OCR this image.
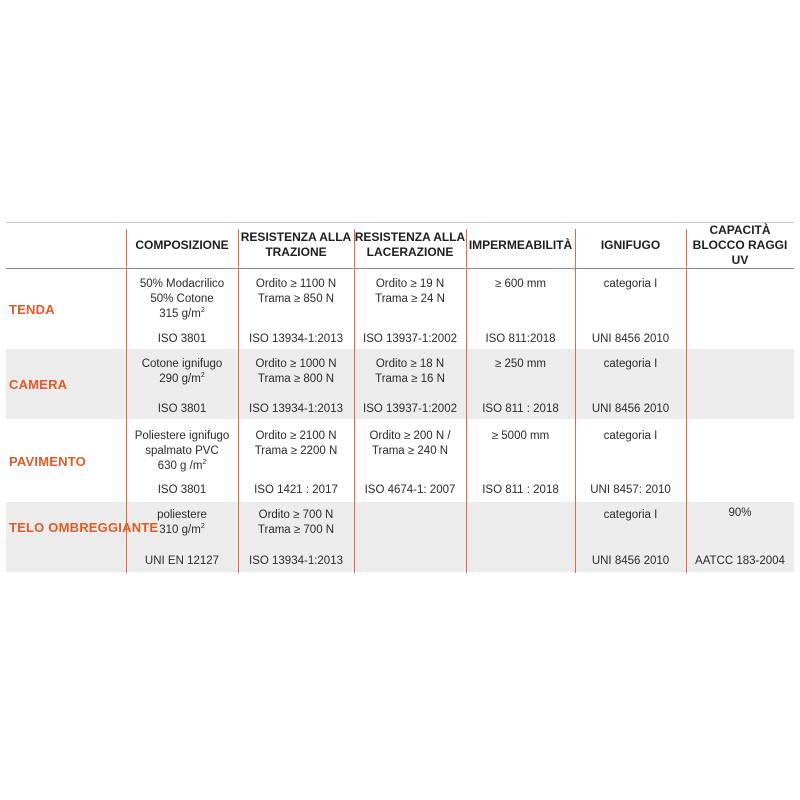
COMPOSIZIONE
RESISTENZA ALLA
TRAZIONE
RESISTENZA ALLA
LACERAZIONE
IMPERMEABILITÀ IGNIFUGO
CAPACITÀ
BLOCCO RAGGI UV
TENDA
50% Modacrilico
50% Cotone
315 $g/m^2$
ISO 3801
Ordito ≥ 1100 N
Trama ≥ 850 N
ISO 13934-1:2013
Ordito ≥ 19 N
Trama ≥ 24 N
ISO 13937-1:2002
≥ 600 mm
ISO 811:2018
categoria I
UNI 8456 2010
CAMERA
Cotone ignifugo
290 $g/m^2$
ISO 3801
Ordito ≥ 1000 N
Trama ≥ 800 N
ISO 13934-1:2013
Ordito ≥ 18 N
Trama ≥ 16 N
ISO 13937-1:2002
≥ 250 mm
ISO 811 : 2018
categoria I
UNI 8456 2010
PAVIMENTO
Poliestere ignifugo
spalmato PVC
630 g $/m^2$
ISO 3801
Ordito ≥ 2100 N
Trama ≥ 2200 N
ISO 1421 : 2017
Ordito ≥ 200 N /
Trama ≥ 240 N
ISO 4674-1: 2007
≥ 5000 mm
ISO 811 : 2018
categoria I
UNI 8457: 2010
TELO OMBREGGIANTE
poliestere
310 $g/m^2$
UNI EN 12127
Ordito ≥ 700 N
Trama ≥ 700 N
ISO 13934-1:2013
categoria I
UNI 8456 2010
90%
AATCC 183-2004
